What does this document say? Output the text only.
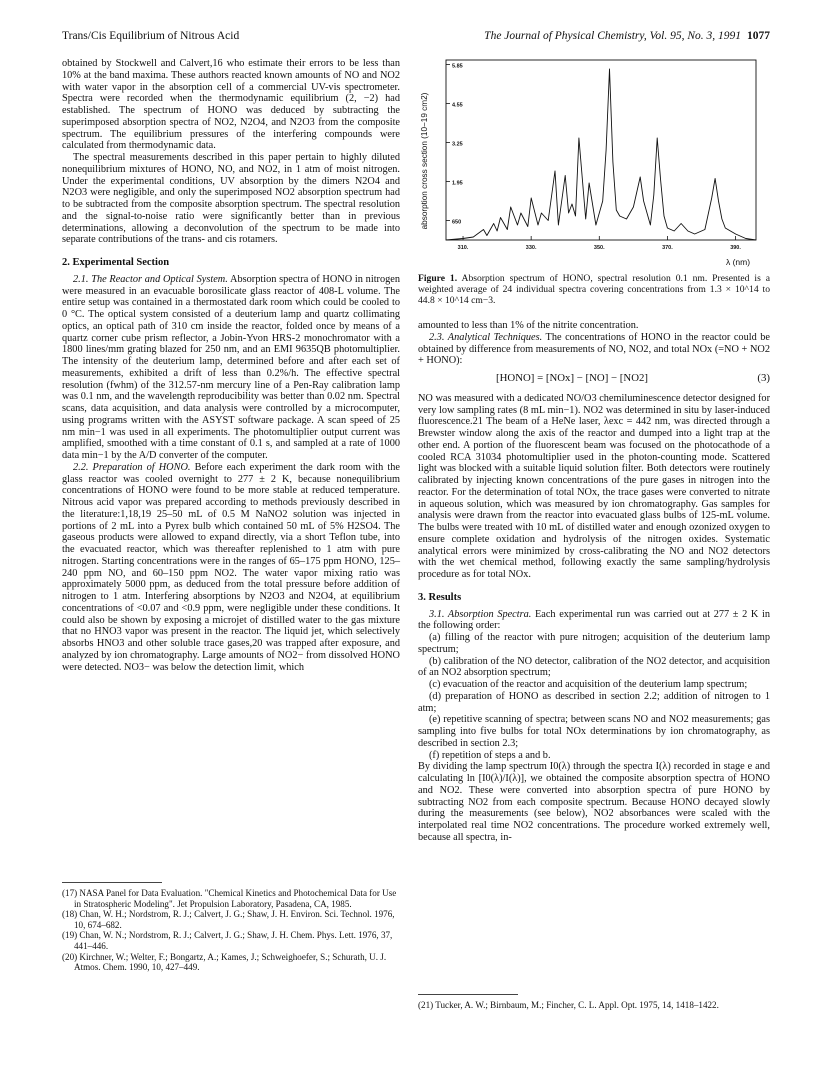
Trans/Cis Equilibrium of Nitrous Acid	The Journal of Physical Chemistry, Vol. 95, No. 3, 1991 1077

obtained by Stockwell and Calvert,16 who estimate their errors to be less than 10% at the band maxima. These authors reacted known amounts of NO and NO2 with water vapor in the absorption cell of a commercial UV-vis spectrometer. Spectra were recorded when the thermodynamic equilibrium (2, −2) had established. The spectrum of HONO was deduced by subtracting the superimposed absorption spectra of NO2, N2O4, and N2O3 from the composite spectrum. The equilibrium pressures of the interfering compounds were calculated from thermodynamic data.

The spectral measurements described in this paper pertain to highly diluted nonequilibrium mixtures of HONO, NO, and NO2, in 1 atm of moist nitrogen. Under the experimental conditions, UV absorption by the dimers N2O4 and N2O3 were negligible, and only the superimposed NO2 absorption spectrum had to be subtracted from the composite absorption spectrum. The spectral resolution and the signal-to-noise ratio were significantly better than in previous determinations, allowing a deconvolution of the spectrum to be made into separate contributions of the trans- and cis rotamers.

2. Experimental Section

2.1. The Reactor and Optical System. Absorption spectra of HONO in nitrogen were measured in an evacuable borosilicate glass reactor of 408-L volume. The entire setup was contained in a thermostated dark room which could be cooled to 0 °C. The optical system consisted of a deuterium lamp and quartz collimating optics, an optical path of 310 cm inside the reactor, folded once by means of a quartz corner cube prism reflector, a Jobin-Yvon HRS-2 monochromator with a 1800 lines/mm grating blazed for 250 nm, and an EMI 9635QB photomultiplier. The intensity of the deuterium lamp, determined before and after each set of measurements, exhibited a drift of less than 0.2%/h. The effective spectral resolution (fwhm) of the 312.57-nm mercury line of a Pen-Ray calibration lamp was 0.1 nm, and the wavelength reproducibility was better than 0.02 nm. Spectral scans, data acquisition, and data analysis were controlled by a microcomputer, using programs written with the ASYST software package. A scan speed of 25 nm min−1 was used in all experiments. The photomultiplier output current was amplified, smoothed with a time constant of 0.1 s, and sampled at a rate of 1000 data min−1 by the A/D converter of the computer.

2.2. Preparation of HONO. Before each experiment the dark room with the glass reactor was cooled overnight to 277 ± 2 K, because nonequilibrium concentrations of HONO were found to be more stable at reduced temperature. Nitrous acid vapor was prepared according to methods previously described in the literature:1,18,19 25–50 mL of 0.5 M NaNO2 solution was injected in portions of 2 mL into a Pyrex bulb which contained 50 mL of 5% H2SO4. The gaseous products were allowed to expand directly, via a short Teflon tube, into the evacuated reactor, which was thereafter replenished to 1 atm with pure nitrogen. Starting concentrations were in the ranges of 65–175 ppm HONO, 125–240 ppm NO, and 60–150 ppm NO2. The water vapor mixing ratio was approximately 5000 ppm, as deduced from the total pressure before addition of nitrogen to 1 atm. Interfering absorptions by N2O3 and N2O4, at equilibrium concentrations of <0.07 and <0.9 ppm, were negligible under these conditions. It could also be shown by exposing a microjet of distilled water to the gas mixture that no HNO3 vapor was present in the reactor. The liquid jet, which selectively absorbs HNO3 and other soluble trace gases,20 was trapped after exposure, and analyzed by ion chromatography. Large amounts of NO2− from dissolved HONO were detected. NO3− was below the detection limit, which

(17) NASA Panel for Data Evaluation. "Chemical Kinetics and Photochemical Data for Use in Stratospheric Modeling". Jet Propulsion Laboratory, Pasadena, CA, 1985.
(18) Chan, W. H.; Nordstrom, R. J.; Calvert, J. G.; Shaw, J. H. Environ. Sci. Technol. 1976, 10, 674–682.
(19) Chan, W. N.; Nordstrom, R. J.; Calvert, J. G.; Shaw, J. H. Chem. Phys. Lett. 1976, 37, 441–446.
(20) Kirchner, W.; Welter, F.; Bongartz, A.; Kames, J.; Schweighoefer, S.; Schurath, U. J. Atmos. Chem. 1990, 10, 427–449.
650
1.95
3.25
4.55
5.85
310.	330.	350.	370.	390.
absorption cross section (10−19 cm2)
λ (nm)
Figure 1. Absorption spectrum of HONO, spectral resolution 0.1 nm. Presented is a weighted average of 24 individual spectra covering concentrations from 1.3 × 10^14 to 44.8 × 10^14 cm−3.

amounted to less than 1% of the nitrite concentration.

2.3. Analytical Techniques. The concentrations of HONO in the reactor could be obtained by difference from measurements of NO, NO2, and total NOx (=NO + NO2 + HONO):

[HONO] = [NOx] − [NO] − [NO2]	(3)

NO was measured with a dedicated NO/O3 chemiluminescence detector designed for very low sampling rates (8 mL min−1). NO2 was determined in situ by laser-induced fluorescence.21 The beam of a HeNe laser, λexc = 442 nm, was directed through a Brewster window along the axis of the reactor and dumped into a light trap at the other end. A portion of the fluorescent beam was focused on the photocathode of a cooled RCA 31034 photomultiplier used in the photon-counting mode. Scattered light was blocked with a suitable liquid solution filter. Both detectors were routinely calibrated by injecting known concentrations of the pure gases in nitrogen into the reactor. For the determination of total NOx, the trace gases were converted to nitrate in aqueous solution, which was measured by ion chromatography. Gas samples for analysis were drawn from the reactor into evacuated glass bulbs of 125-mL volume. The bulbs were treated with 10 mL of distilled water and enough ozonized oxygen to ensure complete oxidation and hydrolysis of the nitrogen oxides. Systematic analytical errors were minimized by cross-calibrating the NO and NO2 detectors with the wet chemical method, following exactly the same sampling/hydrolysis procedure as for total NOx.

3. Results

3.1. Absorption Spectra. Each experimental run was carried out at 277 ± 2 K in the following order:

(a) filling of the reactor with pure nitrogen; acquisition of the deuterium lamp spectrum;

(b) calibration of the NO detector, calibration of the NO2 detector, and acquisition of an NO2 absorption spectrum;

(c) evacuation of the reactor and acquisition of the deuterium lamp spectrum;

(d) preparation of HONO as described in section 2.2; addition of nitrogen to 1 atm;

(e) repetitive scanning of spectra; between scans NO and NO2 measurements; gas sampling into five bulbs for total NOx determinations by ion chromatography, as described in section 2.3;

(f) repetition of steps a and b.

By dividing the lamp spectrum I0(λ) through the spectra I(λ) recorded in stage e and calculating ln [I0(λ)/I(λ)], we obtained the composite absorption spectra of HONO and NO2. These were converted into absorption spectra of pure HONO by subtracting NO2 from each composite spectrum. Because HONO decayed slowly during the measurements (see below), NO2 absorbances were scaled with the interpolated real time NO2 concentrations. The procedure worked extremely well, because all spectra, in-

(21) Tucker, A. W.; Birnbaum, M.; Fincher, C. L. Appl. Opt. 1975, 14, 1418–1422.
